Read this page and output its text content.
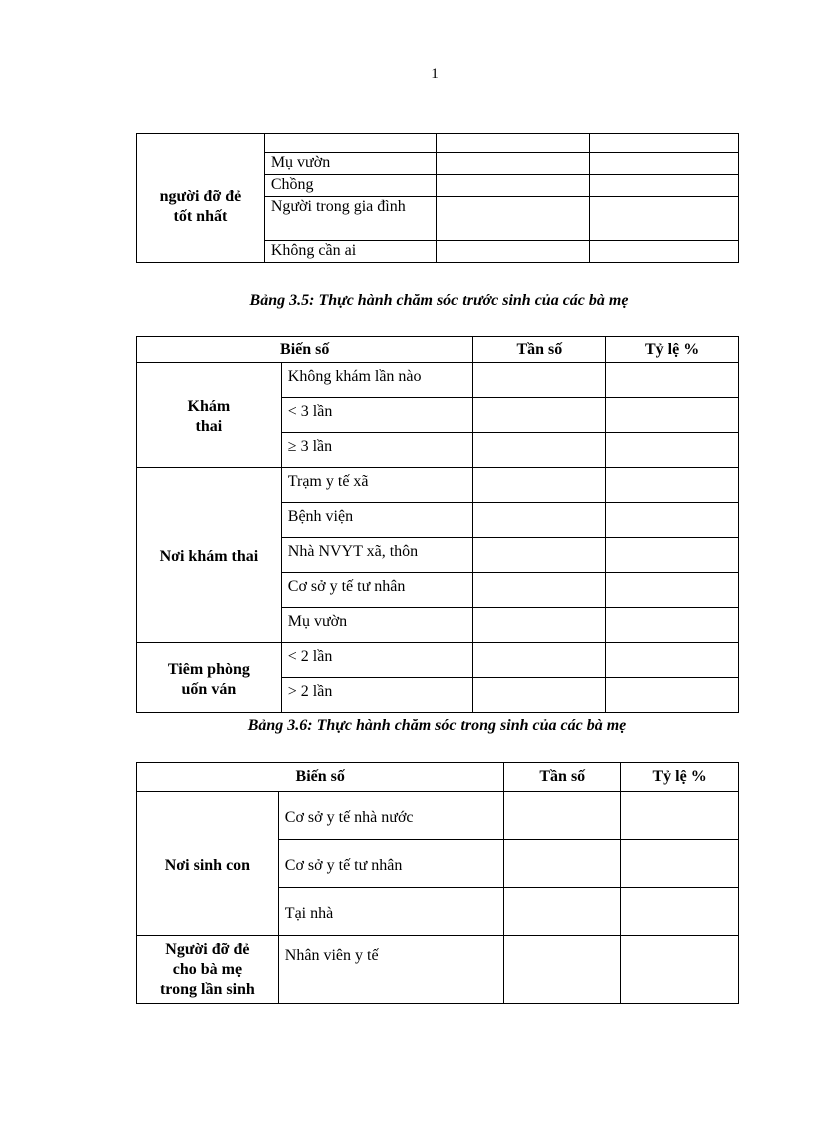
1
người đỡ đẻ
tốt nhất			

	Mụ vườn		
	Chồng		
	Người trong gia đình		
	Không cần ai		
Bảng 3.5: Thực hành chăm sóc trước sinh của các bà mẹ
Biến số		Tần số	Tỷ lệ %

Khám
thai	Không khám lần nào		
	< 3 lần		
	≥ 3 lần		
Nơi khám thai	Trạm y tế xã		
	Bệnh viện		
	Nhà NVYT xã, thôn		
	Cơ sở y tế tư nhân		
	Mụ vườn		

Tiêm phòng
uốn ván	< 2 lần		
	> 2 lần		
Bảng 3.6: Thực hành chăm sóc trong sinh của các bà mẹ
Biến số		Tần số	Tỷ lệ %
Nơi sinh con	Cơ sở y tế nhà nước		
	Cơ sở y tế tư nhân		
	Tại nhà		

Người đỡ đẻ
cho bà mẹ
trong lần sinh	Nhân viên y tế		
